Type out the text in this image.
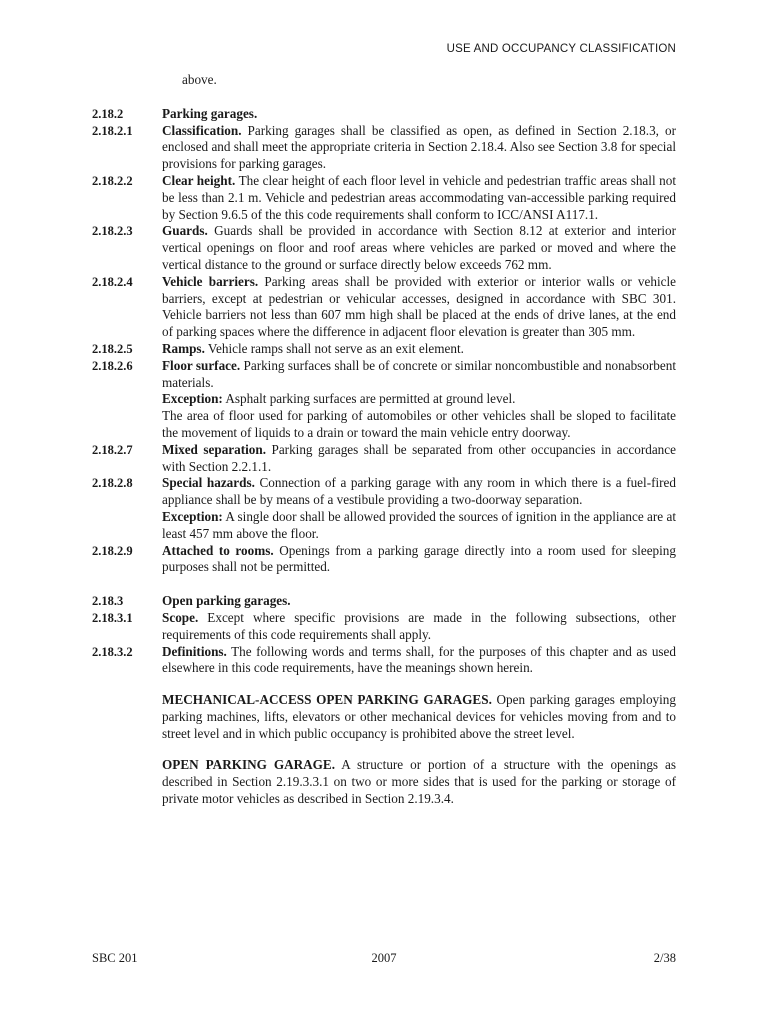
USE AND OCCUPANCY CLASSIFICATION
above.
2.18.2	Parking garages.
2.18.2.1	Classification. Parking garages shall be classified as open, as defined in Section 2.18.3, or enclosed and shall meet the appropriate criteria in Section 2.18.4. Also see Section 3.8 for special provisions for parking garages.
2.18.2.2	Clear height. The clear height of each floor level in vehicle and pedestrian traffic areas shall not be less than 2.1 m. Vehicle and pedestrian areas accommodating van-accessible parking required by Section 9.6.5 of the this code requirements shall conform to ICC/ANSI A117.1.
2.18.2.3	Guards. Guards shall be provided in accordance with Section 8.12 at exterior and interior vertical openings on floor and roof areas where vehicles are parked or moved and where the vertical distance to the ground or surface directly below exceeds 762 mm.
2.18.2.4	Vehicle barriers. Parking areas shall be provided with exterior or interior walls or vehicle barriers, except at pedestrian or vehicular accesses, designed in accordance with SBC 301. Vehicle barriers not less than 607 mm high shall be placed at the ends of drive lanes, at the end of parking spaces where the difference in adjacent floor elevation is greater than 305 mm.
2.18.2.5	Ramps. Vehicle ramps shall not serve as an exit element.
2.18.2.6	Floor surface. Parking surfaces shall be of concrete or similar noncombustible and nonabsorbent materials.
Exception: Asphalt parking surfaces are permitted at ground level.
The area of floor used for parking of automobiles or other vehicles shall be sloped to facilitate the movement of liquids to a drain or toward the main vehicle entry doorway.
2.18.2.7	Mixed separation. Parking garages shall be separated from other occupancies in accordance with Section 2.2.1.1.
2.18.2.8	Special hazards. Connection of a parking garage with any room in which there is a fuel-fired appliance shall be by means of a vestibule providing a two-doorway separation.
Exception: A single door shall be allowed provided the sources of ignition in the appliance are at least 457 mm above the floor.
2.18.2.9	Attached to rooms. Openings from a parking garage directly into a room used for sleeping purposes shall not be permitted.
2.18.3	Open parking garages.
2.18.3.1	Scope. Except where specific provisions are made in the following subsections, other requirements of this code requirements shall apply.
2.18.3.2	Definitions. The following words and terms shall, for the purposes of this chapter and as used elsewhere in this code requirements, have the meanings shown herein.
MECHANICAL-ACCESS OPEN PARKING GARAGES. Open parking garages employing parking machines, lifts, elevators or other mechanical devices for vehicles moving from and to street level and in which public occupancy is prohibited above the street level.
OPEN PARKING GARAGE. A structure or portion of a structure with the openings as described in Section 2.19.3.3.1 on two or more sides that is used for the parking or storage of private motor vehicles as described in Section 2.19.3.4.
SBC 201	2007	2/38
